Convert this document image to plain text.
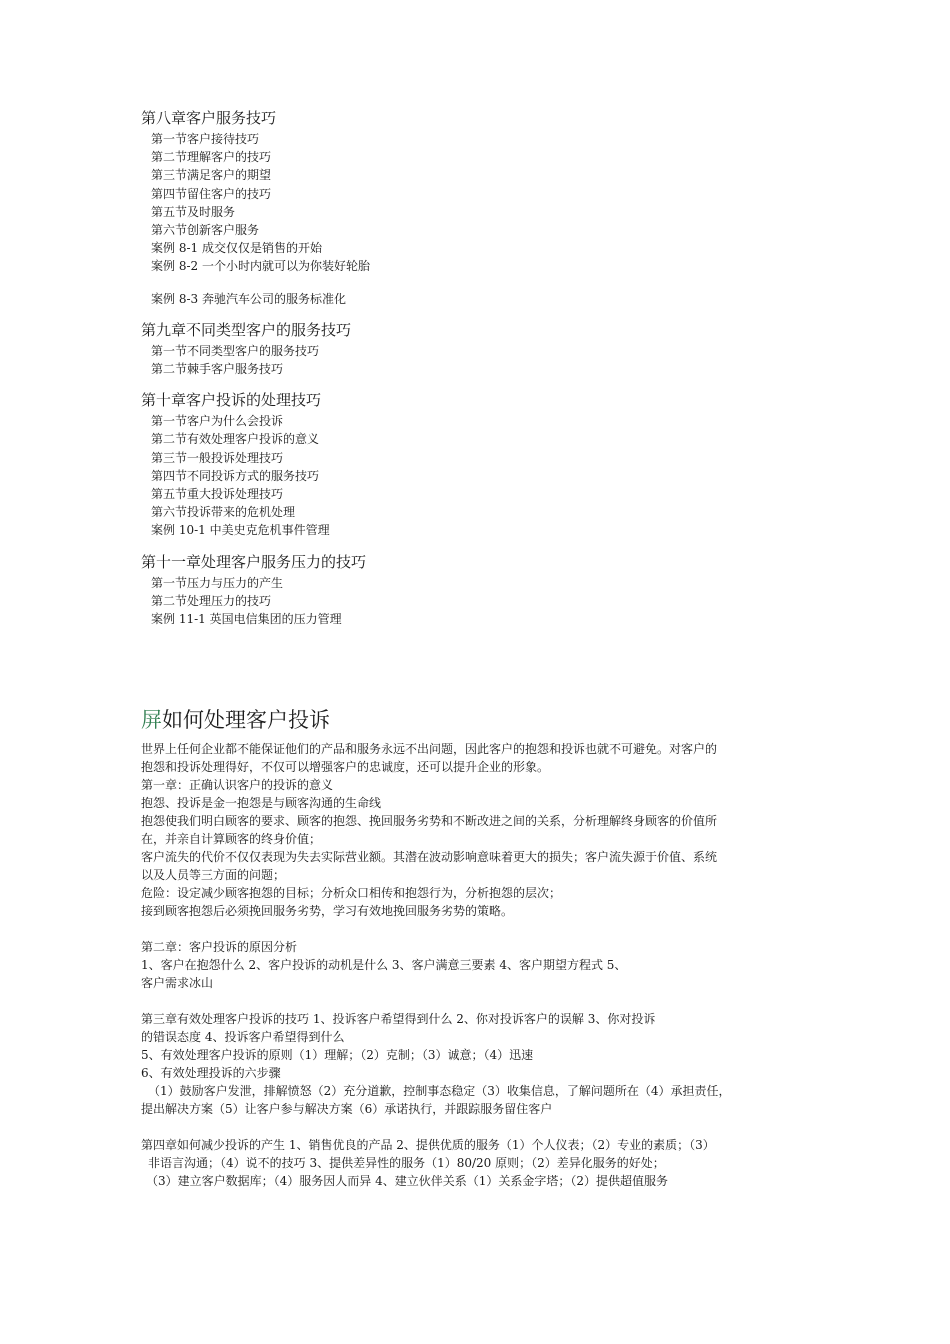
第八章客户服务技巧

第一节客户接待技巧

第二节理解客户的技巧

第三节满足客户的期望

第四节留住客户的技巧

第五节及时服务

第六节创新客户服务

案例 8-1 成交仅仅是销售的开始

案例 8-2 一个小时内就可以为你装好轮胎

案例 8-3 奔驰汽车公司的服务标准化

第九章不同类型客户的服务技巧

第一节不同类型客户的服务技巧

第二节棘手客户服务技巧

第十章客户投诉的处理技巧

第一节客户为什么会投诉

第二节有效处理客户投诉的意义

第三节一般投诉处理技巧

第四节不同投诉方式的服务技巧

第五节重大投诉处理技巧

第六节投诉带来的危机处理

案例 10-1 中美史克危机事件管理

第十一章处理客户服务压力的技巧

第一节压力与压力的产生

第二节处理压力的技巧

案例 11-1 英国电信集团的压力管理

屏如何处理客户投诉

世界上任何企业都不能保证他们的产品和服务永远不出问题，因此客户的抱怨和投诉也就不可避免。对客户的

抱怨和投诉处理得好，不仅可以增强客户的忠诚度，还可以提升企业的形象。

第一章：正确认识客户的投诉的意义

抱怨、投诉是金一抱怨是与顾客沟通的生命线

抱怨使我们明白顾客的要求、顾客的抱怨、挽回服务劣势和不断改进之间的关系，分析理解终身顾客的价值所

在，并亲自计算顾客的终身价值；

客户流失的代价不仅仅表现为失去实际营业额。其潜在波动影响意味着更大的损失；客户流失源于价值、系统

以及人员等三方面的问题；

危险：设定减少顾客抱怨的目标；分析众口相传和抱怨行为，分析抱怨的层次；

接到顾客抱怨后必须挽回服务劣势，学习有效地挽回服务劣势的策略。

第二章：客户投诉的原因分析

1、客户在抱怨什么 2、客户投诉的动机是什么 3、客户满意三要素 4、客户期望方程式 5、

客户需求冰山

第三章有效处理客户投诉的技巧 1、投诉客户希望得到什么 2、你对投诉客户的误解 3、你对投诉

的错误态度 4、投诉客户希望得到什么

5、有效处理客户投诉的原则（1）理解；（2）克制；（3）诚意；（4）迅速

6、有效处理投诉的六步骤

（1）鼓励客户发泄，排解愤怒（2）充分道歉，控制事态稳定（3）收集信息，了解问题所在（4）承担责任，

提出解决方案（5）让客户参与解决方案（6）承诺执行，并跟踪服务留住客户

第四章如何减少投诉的产生 1、销售优良的产品 2、提供优质的服务（1）个人仪表；（2）专业的素质；（3）

非语言沟通；（4）说不的技巧 3、提供差异性的服务（1）80/20 原则；（2）差异化服务的好处；

（3）建立客户数据库；（4）服务因人而异 4、建立伙伴关系（1）关系金字塔；（2）提供超值服务
